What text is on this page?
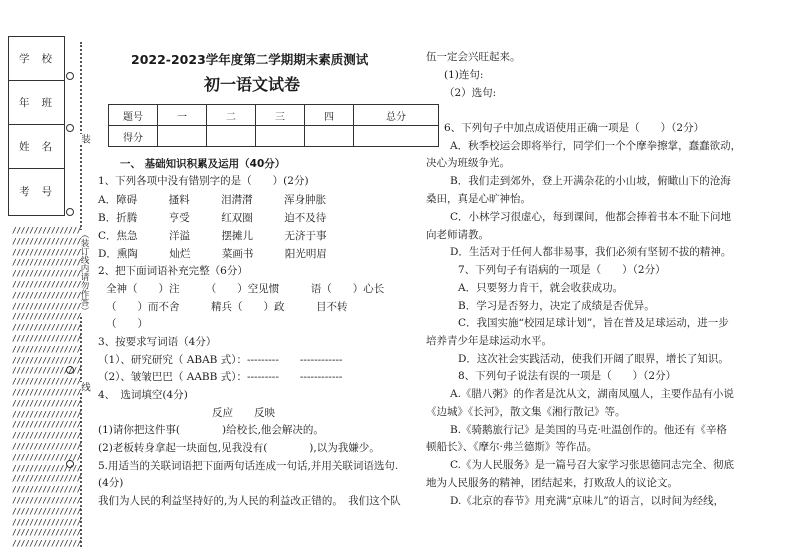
学校
年班
姓名
考号
装
（装订线内请勿作答）
线
2022-2023学年度第二学期期末素质测试
初一语文试卷
题号	一	二	三	四	总分
得分					
一、 基础知识积累及运用（40分）
1、下列各项中没有错别字的是（　　）(2分)
A．障碍　　　搔料　　　泪潸潸　　　浑身肿胀
B．折腾　　　亨受　　　红双圈　　　迫不及待
C．焦急　　　洋溢　　　摆摊儿　　　无济于事
D．熏陶　　　灿烂　　　菜画书　　　阳光明眉
2、把下面词语补充完整（6分）
全神（　　）注　　　（　　）空见惯　　　语（　　）心长
（　　）而不舍　　　精兵（　　）政　　　目不转
（　　）
3、按要求写词语（4分）
（1）、研究研究（ ABAB 式）：---------　　------------
（2）、皱皱巴巴（ AABB 式）：---------　　------------
4、　选词填空(4分)
反应　　反映
(1)请你把这件事(　　　　)给校长,他会解决的。
(2)老板转身拿起一块面包,见我没有(　　　　),以为我嫌少。
5.用适当的关联词语把下面两句话连成一句话,并用关联词语选句.
(4分)
我们为人民的利益坚持好的,为人民的利益改正错的。　我们这个队
伍一定会兴旺起来。
(1)连句:
（2）选句:
6、下列句子中加点成语使用正确一项是（　　）（2分）
A．秋季校运会即将举行，同学们一个个摩拳擦掌，蠢蠢欲动，
决心为班级争光。
B．我们走到郊外，登上开满杂花的小山坡，俯瞰山下的沧海
桑田，真是心旷神怡。
C．小林学习很虚心，每到课间，他都会捧着书本不耻下问地
向老师请教。
D．生活对于任何人都非易事，我们必须有坚韧不拔的精神。
7、下列句子有语病的一项是（　　）（2分）
A．只要努力肯干，就会收获成功。
B．学习是否努力，决定了成绩是否优异。
C．我国实施“校园足球计划”，旨在普及足球运动，进一步
培养青少年是球运动水平。
D．这次社会实践活动，使我们开阔了眼界，增长了知识。
8、下列句子说法有误的一项是（　　）（2分）
A.《腊八粥》的作者是沈从文，湖南凤凰人，主要作品有小说
《边城》《长河》，散文集《湘行散记》等。
B.《骑鹅旅行记》是美国的马克·吐温创作的。他还有《辛格
顿船长》、《摩尔·弗兰德斯》等作品。
C.《为人民服务》是一篇号召大家学习张思德同志完全、彻底
地为人民服务的精神，团结起来，打败敌人的议论文。
D.《北京的春节》用充满“京味儿”的语言，以时间为经线，
////////////////
////////////////
////////////////
////////////////
////////////////
////////////////
////////////////
////////////////
////////////////
////////////////
////////////////
////////////////
////////////////
////////////////
////////////////
////////////////
////////////////
////////////////
////////////////
////////////////
////////////////
////////////////
////////////////
////////////////
////////////////
////////////////
////////////////
////////////////
////////////////
////////////////
